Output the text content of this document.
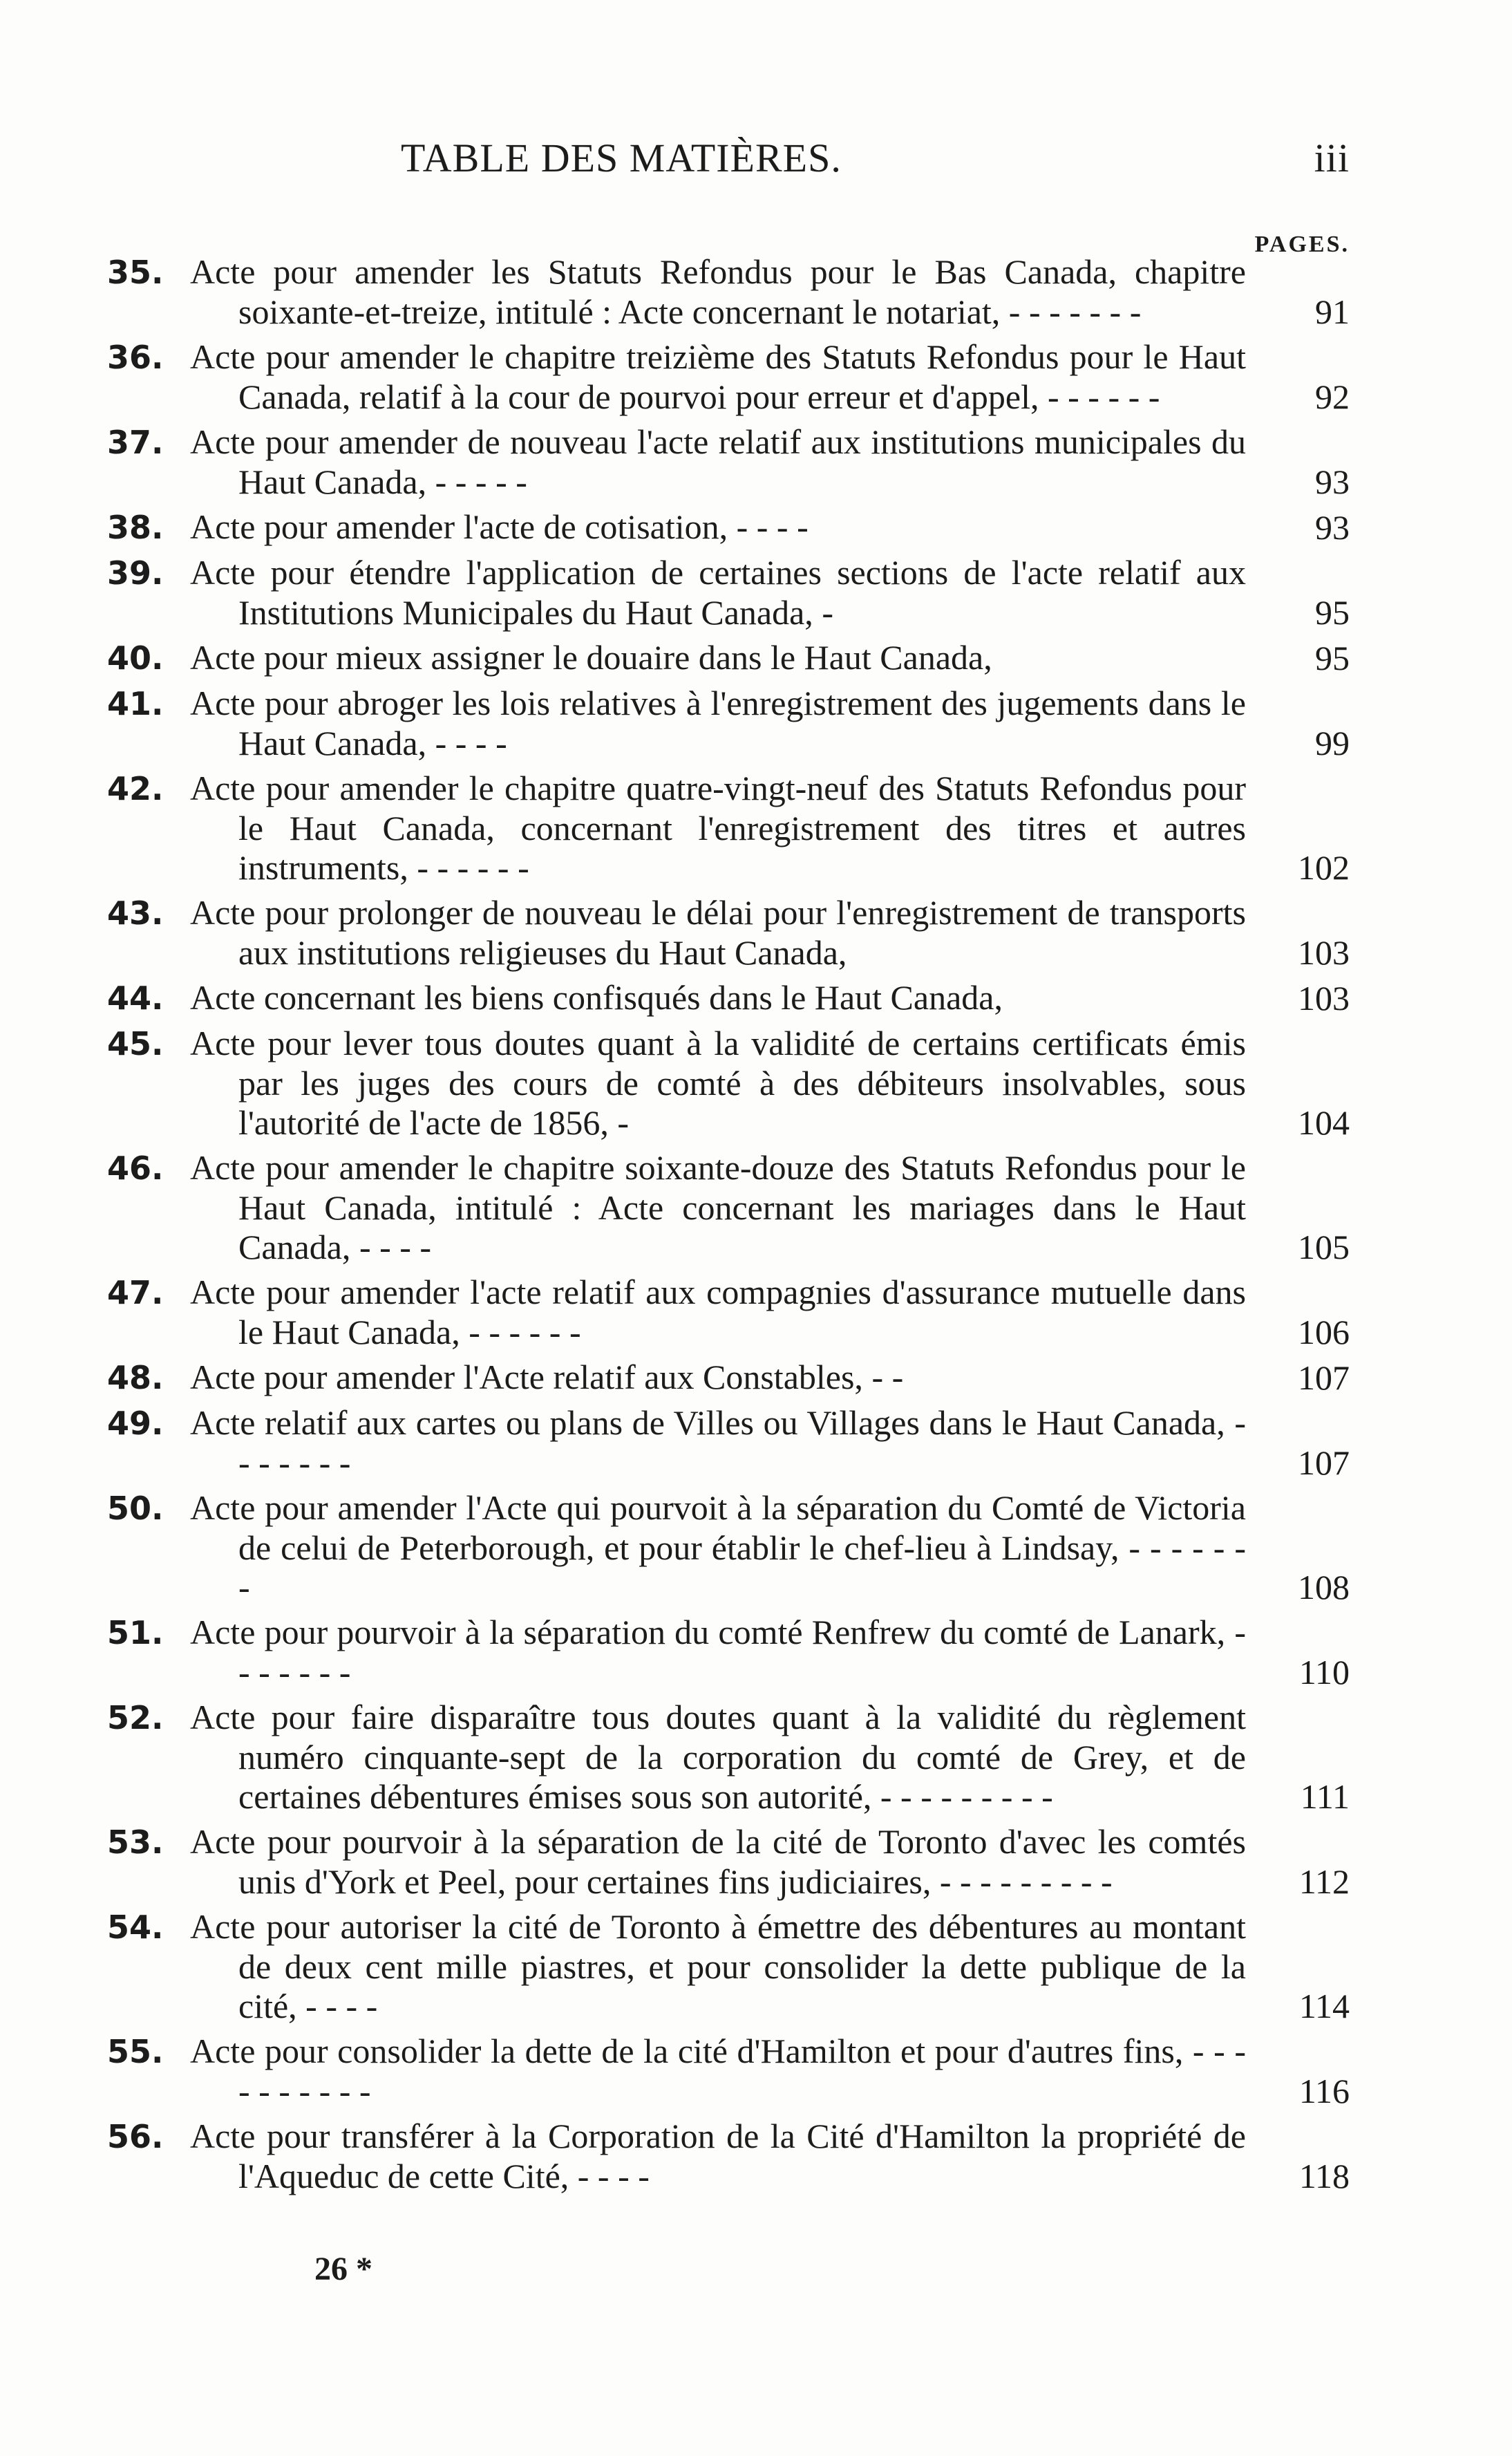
TABLE DES MATIÈRES.	iii
PAGES.
35. Acte pour amender les Statuts Refondus pour le Bas Canada, chapitre soixante-et-treize, intitulé : Acte concernant le notariat, - - - - - - -	91
36. Acte pour amender le chapitre treizième des Statuts Refondus pour le Haut Canada, relatif à la cour de pourvoi pour erreur et d'appel, - - - - - -	92
37. Acte pour amender de nouveau l'acte relatif aux institutions municipales du Haut Canada, - - - - -	93
38. Acte pour amender l'acte de cotisation, - - - -	93
39. Acte pour étendre l'application de certaines sections de l'acte relatif aux Institutions Municipales du Haut Canada, -	95
40. Acte pour mieux assigner le douaire dans le Haut Canada,	95
41. Acte pour abroger les lois relatives à l'enregistrement des jugements dans le Haut Canada, - - - -	99
42. Acte pour amender le chapitre quatre-vingt-neuf des Statuts Refondus pour le Haut Canada, concernant l'enregistrement des titres et autres instruments, - - - - - -	102
43. Acte pour prolonger de nouveau le délai pour l'enregistrement de transports aux institutions religieuses du Haut Canada,	103
44. Acte concernant les biens confisqués dans le Haut Canada,	103
45. Acte pour lever tous doutes quant à la validité de certains certificats émis par les juges des cours de comté à des débiteurs insolvables, sous l'autorité de l'acte de 1856, -	104
46. Acte pour amender le chapitre soixante-douze des Statuts Refondus pour le Haut Canada, intitulé : Acte concernant les mariages dans le Haut Canada, - - - -	105
47. Acte pour amender l'acte relatif aux compagnies d'assurance mutuelle dans le Haut Canada, - - - - - -	106
48. Acte pour amender l'Acte relatif aux Constables, - -	107
49. Acte relatif aux cartes ou plans de Villes ou Villages dans le Haut Canada, - - - - - - -	107
50. Acte pour amender l'Acte qui pourvoit à la séparation du Comté de Victoria de celui de Peterborough, et pour établir le chef-lieu à Lindsay, - - - - - - -	108
51. Acte pour pourvoir à la séparation du comté Renfrew du comté de Lanark, - - - - - - -	110
52. Acte pour faire disparaître tous doutes quant à la validité du règlement numéro cinquante-sept de la corporation du comté de Grey, et de certaines débentures émises sous son autorité, - - - - - - - - -	111
53. Acte pour pourvoir à la séparation de la cité de Toronto d'avec les comtés unis d'York et Peel, pour certaines fins judiciaires, - - - - - - - - -	112
54. Acte pour autoriser la cité de Toronto à émettre des débentures au montant de deux cent mille piastres, et pour consolider la dette publique de la cité, - - - -	114
55. Acte pour consolider la dette de la cité d'Hamilton et pour d'autres fins, - - - - - - - - - -	116
56. Acte pour transférer à la Corporation de la Cité d'Hamilton la propriété de l'Aqueduc de cette Cité, - - - -	118
26 *
